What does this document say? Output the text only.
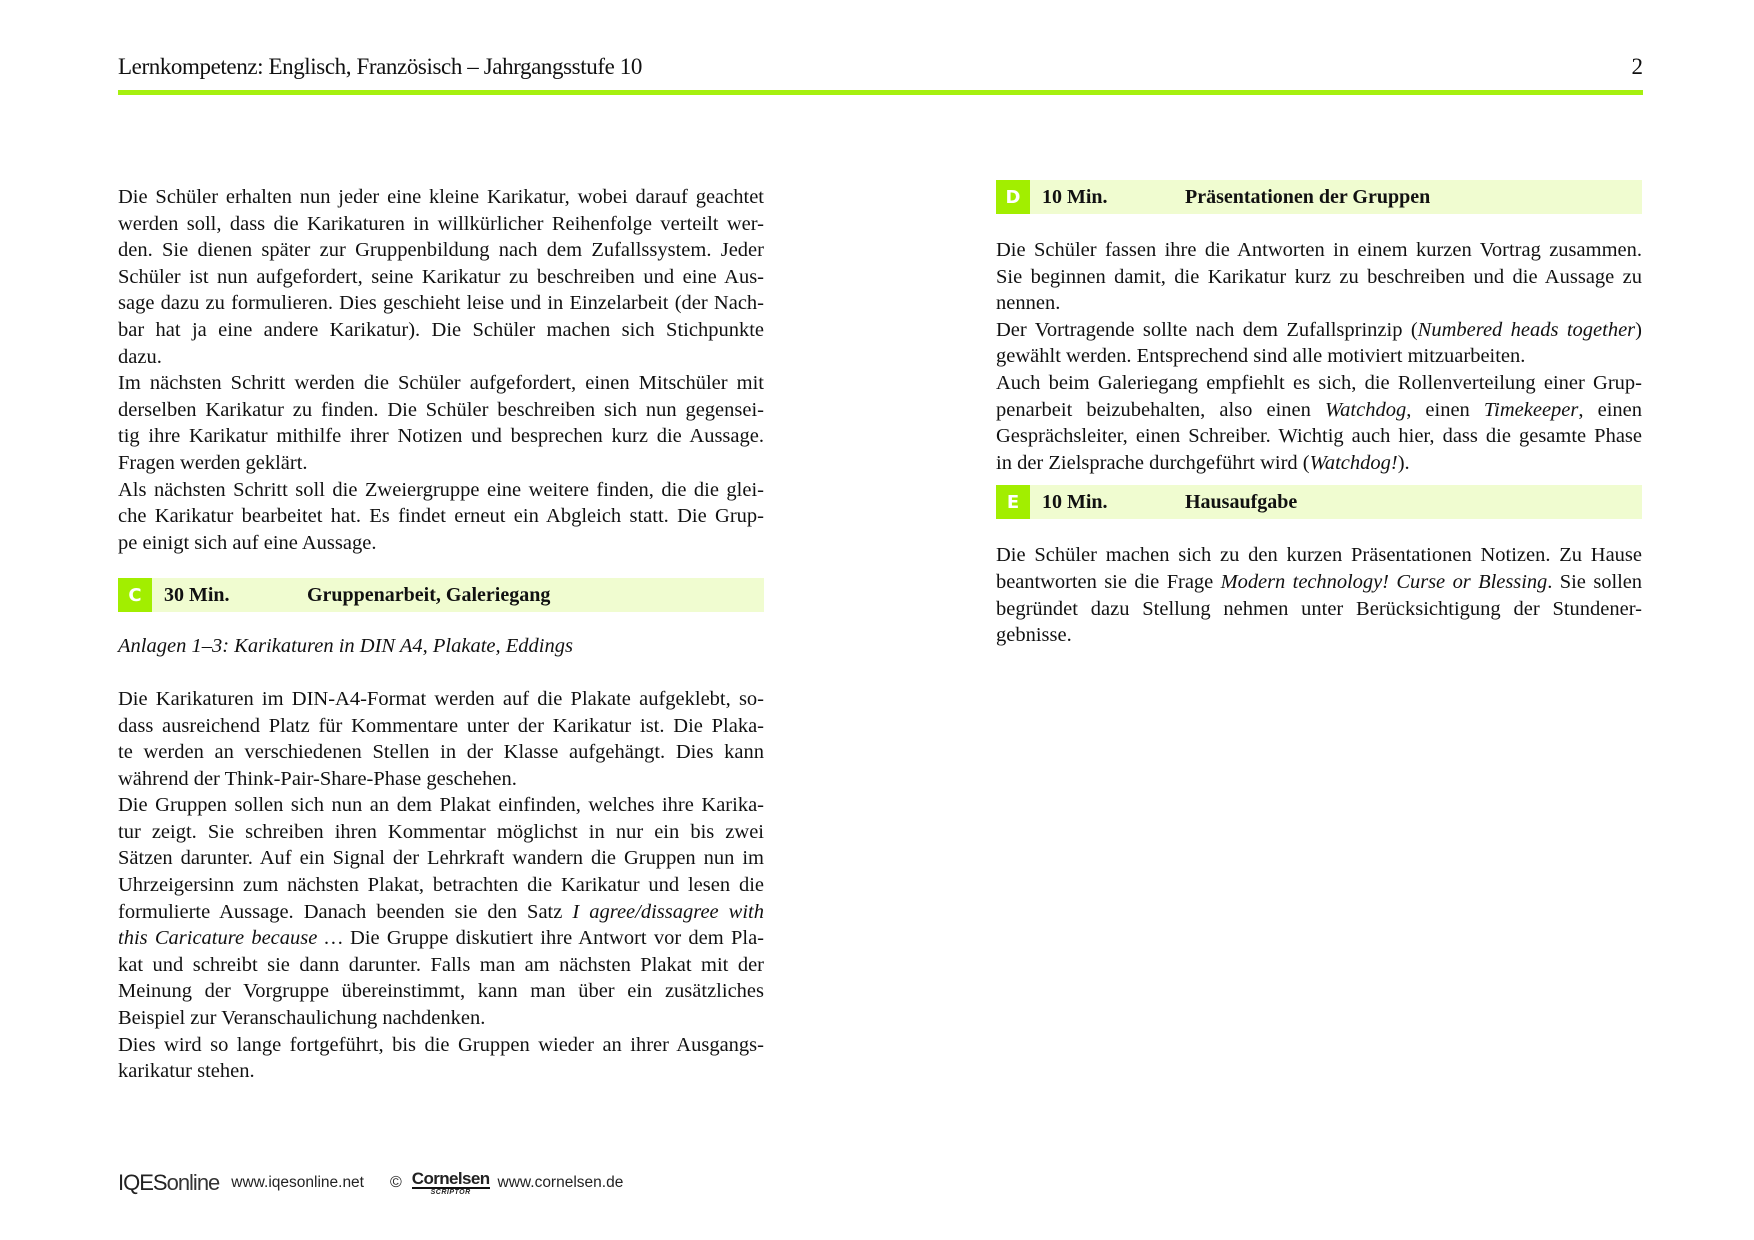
Lernkompetenz: Englisch, Französisch – Jahrgangsstufe 10	2
Die Schüler erhalten nun jeder eine kleine Karikatur, wobei darauf geachtet
werden soll, dass die Karikaturen in willkürlicher Reihenfolge verteilt wer-
den. Sie dienen später zur Gruppenbildung nach dem Zufallssystem. Jeder
Schüler ist nun aufgefordert, seine Karikatur zu beschreiben und eine Aus-
sage dazu zu formulieren. Dies geschieht leise und in Einzelarbeit (der Nach-
bar hat ja eine andere Karikatur). Die Schüler machen sich Stichpunkte
dazu.
Im nächsten Schritt werden die Schüler aufgefordert, einen Mitschüler mit
derselben Karikatur zu finden. Die Schüler beschreiben sich nun gegensei-
tig ihre Karikatur mithilfe ihrer Notizen und besprechen kurz die Aussage.
Fragen werden geklärt.
Als nächsten Schritt soll die Zweiergruppe eine weitere finden, die die glei-
che Karikatur bearbeitet hat. Es findet erneut ein Abgleich statt. Die Grup-
pe einigt sich auf eine Aussage.
C	30 Min.	Gruppenarbeit, Galeriegang
Anlagen 1–3: Karikaturen in DIN A4, Plakate, Eddings
Die Karikaturen im DIN-A4-Format werden auf die Plakate aufgeklebt, so-
dass ausreichend Platz für Kommentare unter der Karikatur ist. Die Plaka-
te werden an verschiedenen Stellen in der Klasse aufgehängt. Dies kann
während der Think-Pair-Share-Phase geschehen.
Die Gruppen sollen sich nun an dem Plakat einfinden, welches ihre Karika-
tur zeigt. Sie schreiben ihren Kommentar möglichst in nur ein bis zwei
Sätzen darunter. Auf ein Signal der Lehrkraft wandern die Gruppen nun im
Uhrzeigersinn zum nächsten Plakat, betrachten die Karikatur und lesen die
formulierte Aussage. Danach beenden sie den Satz I agree/dissagree with
this Caricature because … Die Gruppe diskutiert ihre Antwort vor dem Pla-
kat und schreibt sie dann darunter. Falls man am nächsten Plakat mit der
Meinung der Vorgruppe übereinstimmt, kann man über ein zusätzliches
Beispiel zur Veranschaulichung nachdenken.
Dies wird so lange fortgeführt, bis die Gruppen wieder an ihrer Ausgangs-
karikatur stehen.
D	10 Min.	Präsentationen der Gruppen
Die Schüler fassen ihre die Antworten in einem kurzen Vortrag zusammen.
Sie beginnen damit, die Karikatur kurz zu beschreiben und die Aussage zu
nennen.
Der Vortragende sollte nach dem Zufallsprinzip (Numbered heads together)
gewählt werden. Entsprechend sind alle motiviert mitzuarbeiten.
Auch beim Galeriegang empfiehlt es sich, die Rollenverteilung einer Grup-
penarbeit beizubehalten, also einen Watchdog, einen Timekeeper, einen
Gesprächsleiter, einen Schreiber. Wichtig auch hier, dass die gesamte Phase
in der Zielsprache durchgeführt wird (Watchdog!).
E	10 Min.	Hausaufgabe
Die Schüler machen sich zu den kurzen Präsentationen Notizen. Zu Hause
beantworten sie die Frage Modern technology! Curse or Blessing. Sie sollen
begründet dazu Stellung nehmen unter Berücksichtigung der Stundener-
gebnisse.
IQESonline www.iqesonline.net © Cornelsen
SCRIPTOR
www.cornelsen.de
